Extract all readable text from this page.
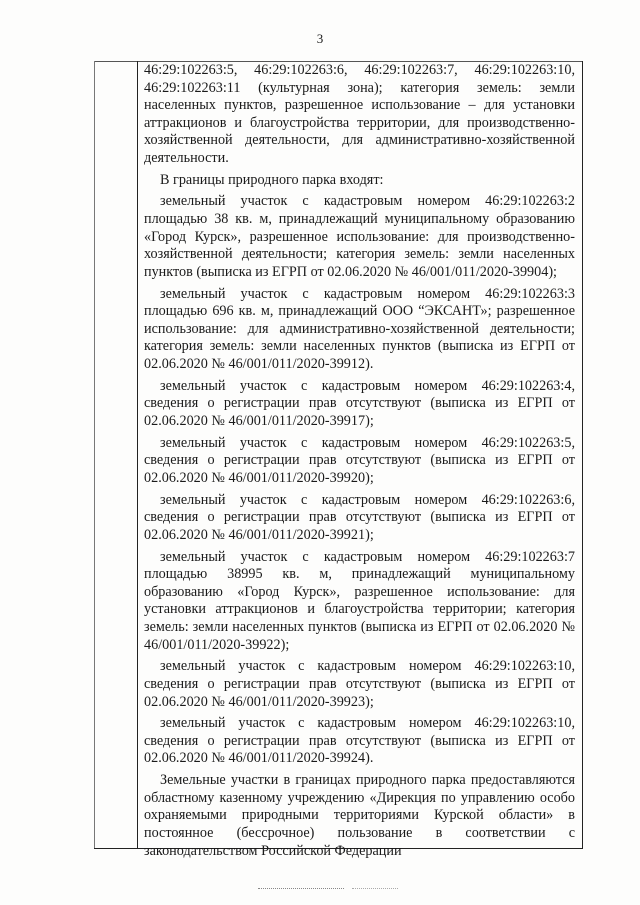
3

46:29:102263:5, 46:29:102263:6, 46:29:102263:7, 46:29:102263:10, 46:29:102263:11 (культурная зона); категория земель: земли населенных пунктов, разрешенное использование – для установки аттракционов и благоустройства территории, для производственно-хозяйственной деятельности, для административно-хозяйственной деятельности.

В границы природного парка входят:

земельный участок с кадастровым номером 46:29:102263:2 площадью 38 кв. м, принадлежащий муниципальному образованию «Город Курск», разрешенное использование: для производственно-хозяйственной деятельности; категория земель: земли населенных пунктов (выписка из ЕГРП от 02.06.2020 № 46/001/011/2020-39904);

земельный участок с кадастровым номером 46:29:102263:3 площадью 696 кв. м, принадлежащий ООО “ЭКСАНТ»; разрешенное использование: для административно-хозяйственной деятельности; категория земель: земли населенных пунктов (выписка из ЕГРП от 02.06.2020 № 46/001/011/2020-39912).

земельный участок с кадастровым номером 46:29:102263:4, сведения о регистрации прав отсутствуют (выписка из ЕГРП от 02.06.2020 № 46/001/011/2020-39917);

земельный участок с кадастровым номером 46:29:102263:5, сведения о регистрации прав отсутствуют (выписка из ЕГРП от 02.06.2020 № 46/001/011/2020-39920);

земельный участок с кадастровым номером 46:29:102263:6, сведения о регистрации прав отсутствуют (выписка из ЕГРП от 02.06.2020 № 46/001/011/2020-39921);

земельный участок с кадастровым номером 46:29:102263:7 площадью 38995 кв. м, принадлежащий муниципальному образованию «Город Курск», разрешенное использование: для установки аттракционов и благоустройства территории; категория земель: земли населенных пунктов (выписка из ЕГРП от 02.06.2020 № 46/001/011/2020-39922);

земельный участок с кадастровым номером 46:29:102263:10, сведения о регистрации прав отсутствуют (выписка из ЕГРП от 02.06.2020 № 46/001/011/2020-39923);

земельный участок с кадастровым номером 46:29:102263:10, сведения о регистрации прав отсутствуют (выписка из ЕГРП от 02.06.2020 № 46/001/011/2020-39924).

Земельные участки в границах природного парка предоставляются областному казенному учреждению «Дирекция по управлению особо охраняемыми природными территориями Курской области» в постоянное (бессрочное) пользование в соответствии с законодательством Российской Федерации
